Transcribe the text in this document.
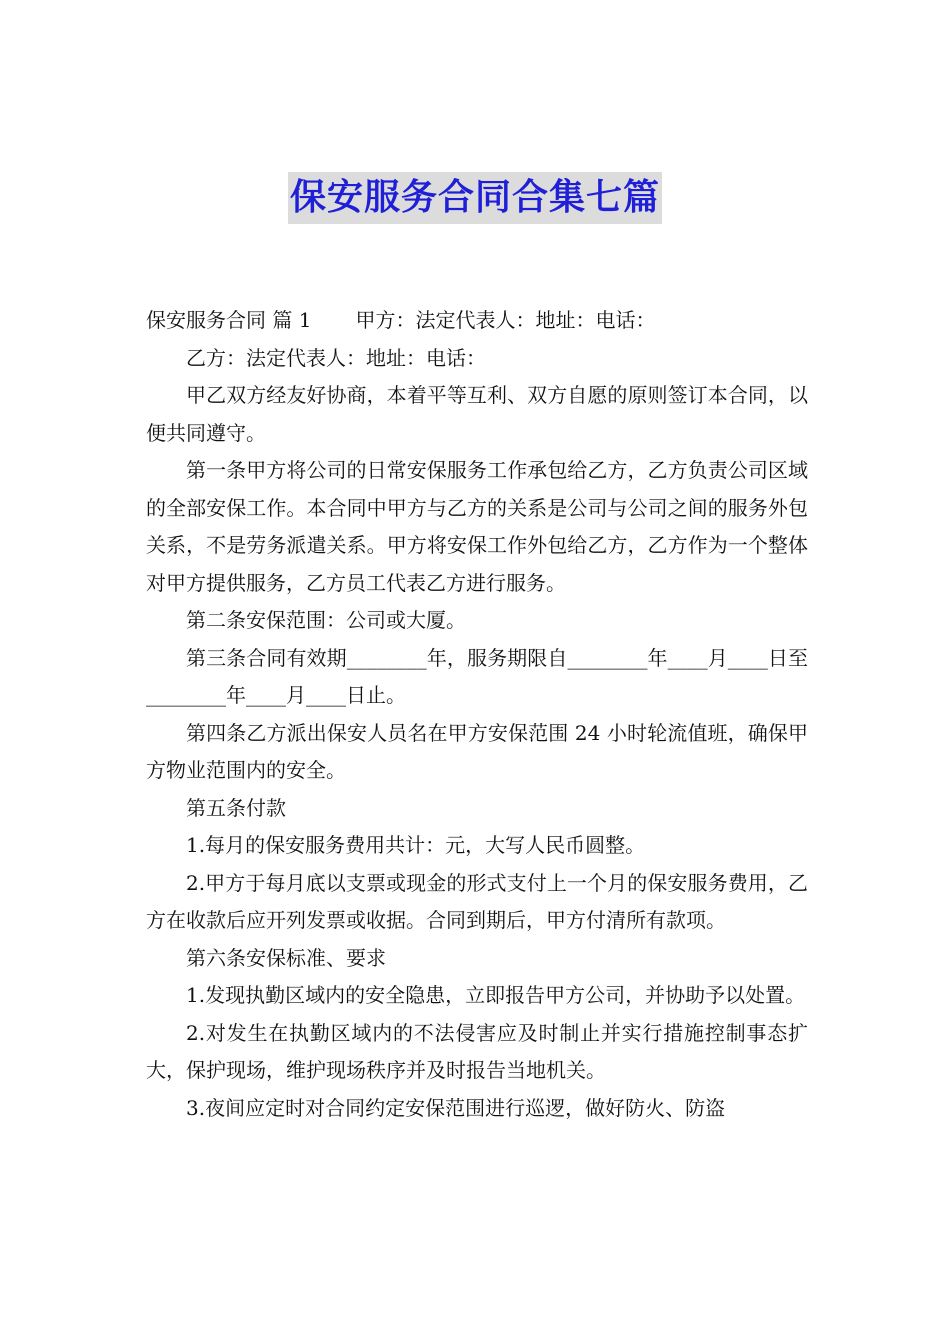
保安服务合同合集七篇

保安服务合同 篇 1 甲方：法定代表人：地址：电话：

乙方：法定代表人：地址：电话：

甲乙双方经友好协商，本着平等互利、双方自愿的原则签订本合同，以便共同遵守。

第一条甲方将公司的日常安保服务工作承包给乙方，乙方负责公司区域的全部安保工作。本合同中甲方与乙方的关系是公司与公司之间的服务外包关系，不是劳务派遣关系。甲方将安保工作外包给乙方，乙方作为一个整体对甲方提供服务，乙方员工代表乙方进行服务。

第二条安保范围：公司或大厦。

第三条合同有效期________年，服务期限自________年____月____日至________年____月____日止。

第四条乙方派出保安人员名在甲方安保范围 24 小时轮流值班，确保甲方物业范围内的安全。

第五条付款

1.每月的保安服务费用共计：元，大写人民币圆整。

2.甲方于每月底以支票或现金的形式支付上一个月的保安服务费用，乙方在收款后应开列发票或收据。合同到期后，甲方付清所有款项。

第六条安保标准、要求

1.发现执勤区域内的安全隐患，立即报告甲方公司，并协助予以处置。

2.对发生在执勤区域内的不法侵害应及时制止并实行措施控制事态扩大，保护现场，维护现场秩序并及时报告当地机关。

3.夜间应定时对合同约定安保范围进行巡逻，做好防火、防盗
